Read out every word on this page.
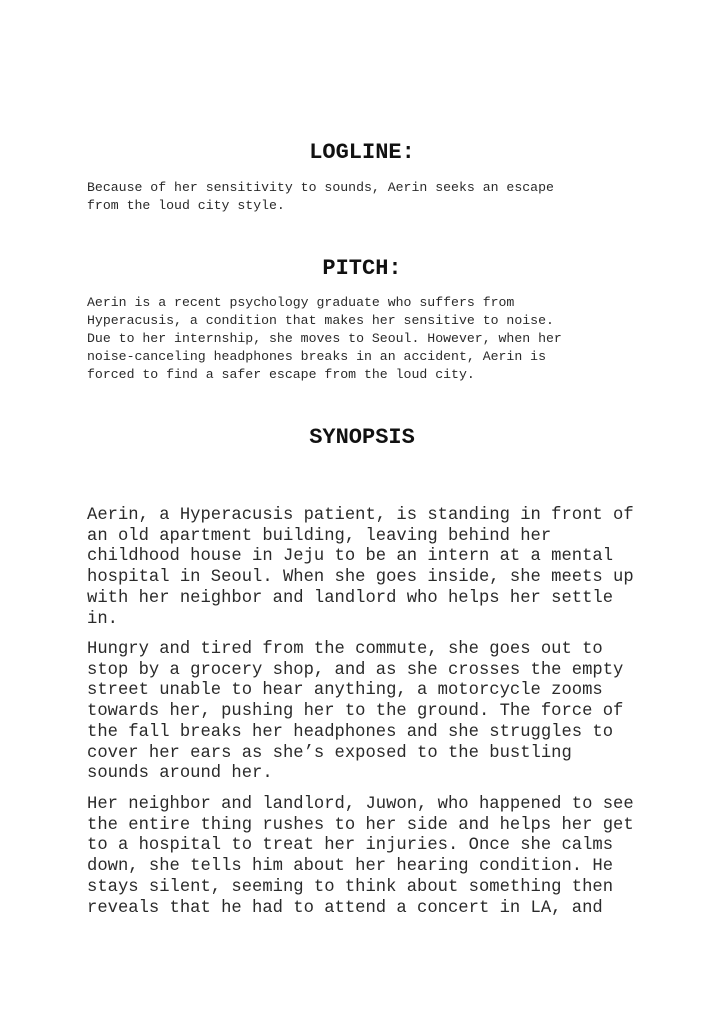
LOGLINE:

Because of her sensitivity to sounds, Aerin seeks an escape
from the loud city style.

PITCH:

Aerin is a recent psychology graduate who suffers from
Hyperacusis, a condition that makes her sensitive to noise.
Due to her internship, she moves to Seoul. However, when her
noise-canceling headphones breaks in an accident, Aerin is
forced to find a safer escape from the loud city.

SYNOPSIS

Aerin, a Hyperacusis patient, is standing in front of
an old apartment building, leaving behind her
childhood house in Jeju to be an intern at a mental
hospital in Seoul. When she goes inside, she meets up
with her neighbor and landlord who helps her settle
in.

Hungry and tired from the commute, she goes out to
stop by a grocery shop, and as she crosses the empty
street unable to hear anything, a motorcycle zooms
towards her, pushing her to the ground. The force of
the fall breaks her headphones and she struggles to
cover her ears as she’s exposed to the bustling
sounds around her.

Her neighbor and landlord, Juwon, who happened to see
the entire thing rushes to her side and helps her get
to a hospital to treat her injuries. Once she calms
down, she tells him about her hearing condition. He
stays silent, seeming to think about something then
reveals that he had to attend a concert in LA, and
